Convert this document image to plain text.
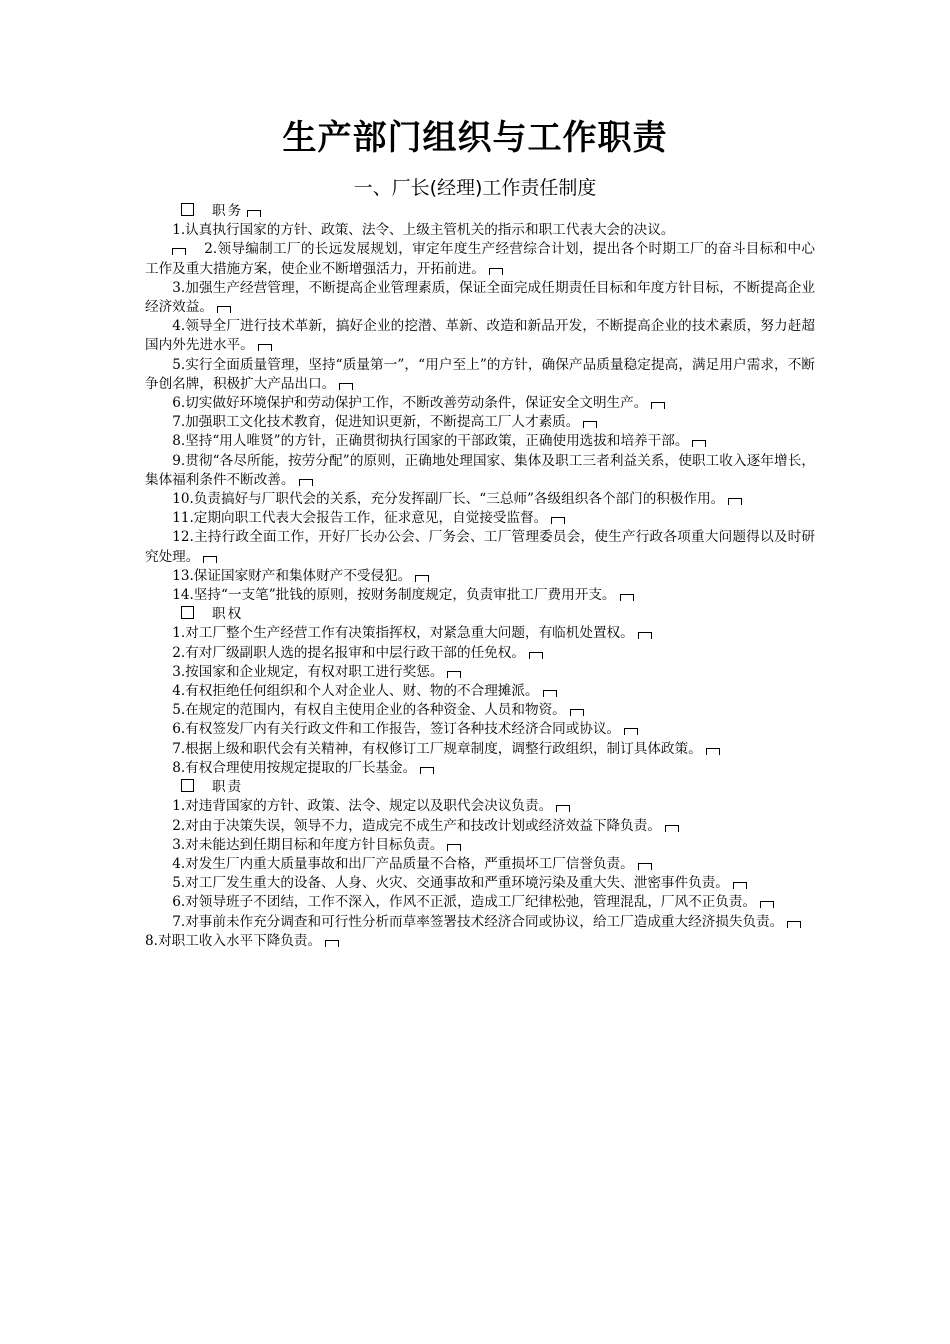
生产部门组织与工作职责
一、厂长(经理)工作责任制度
职务

1.认真执行国家的方针、政策、法令、上级主管机关的指示和职工代表大会的决议。

2.领导编制工厂的长远发展规划，审定年度生产经营综合计划，提出各个时期工厂的奋斗目标和中心工作及重大措施方案，使企业不断增强活力，开拓前进。

3.加强生产经营管理，不断提高企业管理素质，保证全面完成任期责任目标和年度方针目标，不断提高企业经济效益。

4.领导全厂进行技术革新，搞好企业的挖潜、革新、改造和新品开发，不断提高企业的技术素质，努力赶超国内外先进水平。

5.实行全面质量管理，坚持“质量第一”，“用户至上”的方针，确保产品质量稳定提高，满足用户需求，不断争创名牌，积极扩大产品出口。

6.切实做好环境保护和劳动保护工作，不断改善劳动条件，保证安全文明生产。

7.加强职工文化技术教育，促进知识更新，不断提高工厂人才素质。

8.坚持“用人唯贤”的方针，正确贯彻执行国家的干部政策，正确使用选拔和培养干部。

9.贯彻“各尽所能，按劳分配”的原则，正确地处理国家、集体及职工三者利益关系，使职工收入逐年增长，集体福利条件不断改善。

10.负责搞好与厂职代会的关系，充分发挥副厂长、“三总师”各级组织各个部门的积极作用。

11.定期向职工代表大会报告工作，征求意见，自觉接受监督。

12.主持行政全面工作，开好厂长办公会、厂务会、工厂管理委员会，使生产行政各项重大问题得以及时研究处理。

13.保证国家财产和集体财产不受侵犯。

14.坚持“一支笔”批钱的原则，按财务制度规定，负责审批工厂费用开支。

职权

1.对工厂整个生产经营工作有决策指挥权，对紧急重大问题，有临机处置权。

2.有对厂级副职人选的提名报审和中层行政干部的任免权。

3.按国家和企业规定，有权对职工进行奖惩。

4.有权拒绝任何组织和个人对企业人、财、物的不合理摊派。

5.在规定的范围内，有权自主使用企业的各种资金、人员和物资。

6.有权签发厂内有关行政文件和工作报告，签订各种技术经济合同或协议。

7.根据上级和职代会有关精神，有权修订工厂规章制度，调整行政组织，制订具体政策。

8.有权合理使用按规定提取的厂长基金。

职责

1.对违背国家的方针、政策、法令、规定以及职代会决议负责。

2.对由于决策失误，领导不力，造成完不成生产和技改计划或经济效益下降负责。

3.对未能达到任期目标和年度方针目标负责。

4.对发生厂内重大质量事故和出厂产品质量不合格，严重损坏工厂信誉负责。

5.对工厂发生重大的设备、人身、火灾、交通事故和严重环境污染及重大失、泄密事件负责。

6.对领导班子不团结，工作不深入，作风不正派，造成工厂纪律松弛，管理混乱，厂风不正负责。

7.对事前未作充分调查和可行性分析而草率签署技术经济合同或协议，给工厂造成重大经济损失负责。

8.对职工收入水平下降负责。
